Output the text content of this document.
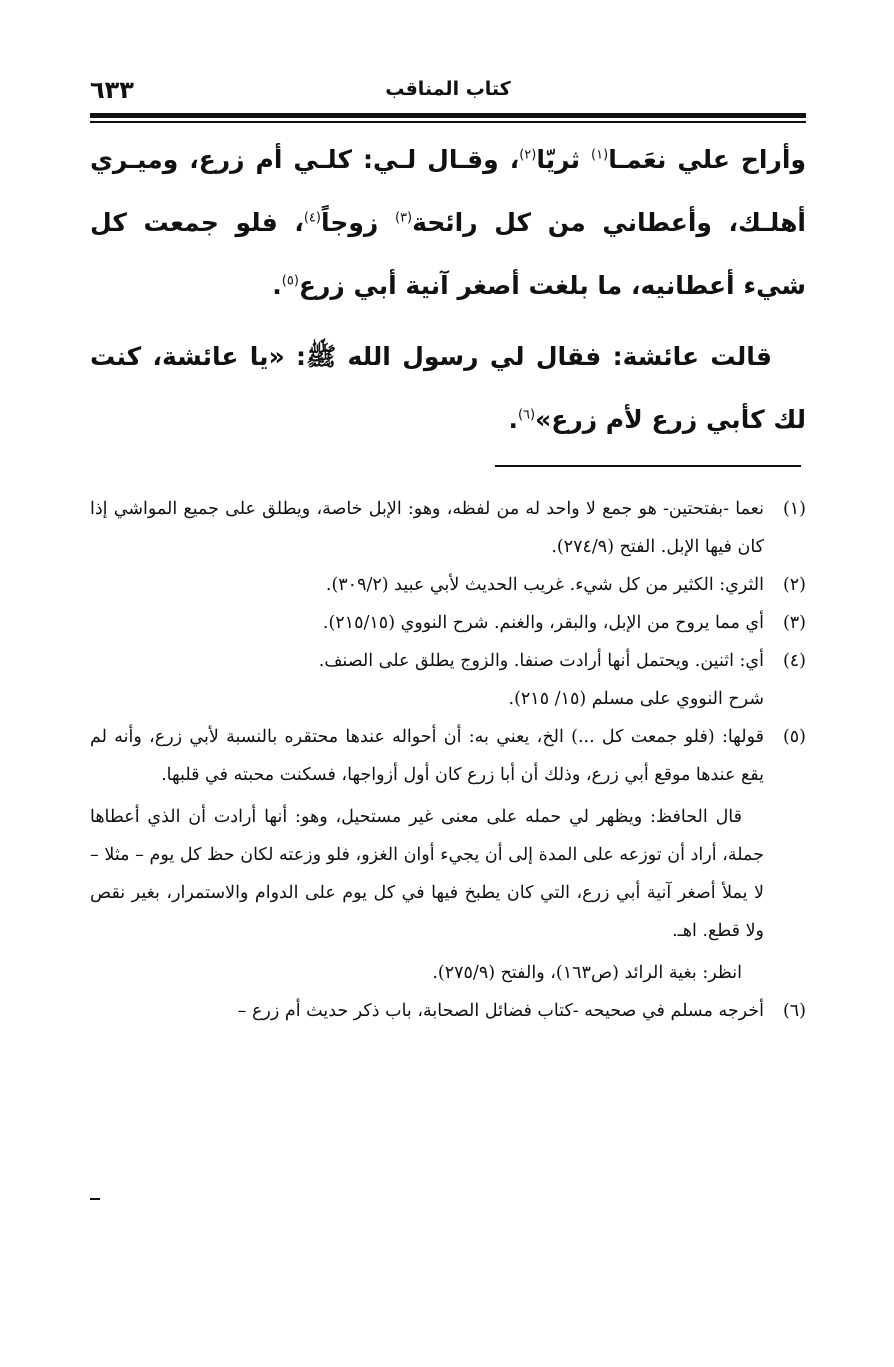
٦٣٣	كتاب المناقب

وأراح علي نعَمـا$^{(١)}$ ثريّا$^{(٢)}$، وقـال لـي: كلـي أم زرع، وميـري أهلـك، وأعطاني من كل رائحة$^{(٣)}$ زوجاً$^{(٤)}$، فلو جمعت كل شيء أعطانيه، ما بلغت أصغر آنية أبي زرع$^{(٥)}$.

قالت عائشة: فقال لي رسول الله ﷺ: «يا عائشة، كنت لك كأبي زرع لأم زرع»$^{(٦)}$.

(١)نعما -بفتحتين- هو جمع لا واحد له من لفظه، وهو: الإبل خاصة، ويطلق على جميع المواشي إذا كان فيها الإبل. الفتح (٢٧٤/٩).

(٢)الثري: الكثير من كل شيء. غريب الحديث لأبي عبيد (٣٠٩/٢).

(٣)أي مما يروح من الإبل، والبقر، والغنم. شرح النووي (٢١٥/١٥).

(٤)أي: اثنين. ويحتمل أنها أرادت صنفا. والزوج يطلق على الصنف.

شرح النووي على مسلم (١٥/ ٢١٥).

(٥)قولها: (فلو جمعت كل ...) الخ، يعني به: أن أحواله عندها محتقره بالنسبة لأبي زرع، وأنه لم يقع عندها موقع أبي زرع، وذلك أن أبا زرع كان أول أزواجها، فسكنت محبته في قلبها.

قال الحافظ: ويظهر لي حمله على معنى غير مستحيل، وهو: أنها أرادت أن الذي أعطاها جملة، أراد أن توزعه على المدة إلى أن يجيء أوان الغزو، فلو وزعته لكان حظ كل يوم – مثلا – لا يملأ أصغر آنية أبي زرع، التي كان يطبخ فيها في كل يوم على الدوام والاستمرار، بغير نقص ولا قطع. اهـ.

انظر: بغية الرائد (ص١٦٣)، والفتح (٢٧٥/٩).

(٦)أخرجه مسلم في صحيحه -كتاب فضائل الصحابة، باب ذكر حديث أم زرع –
